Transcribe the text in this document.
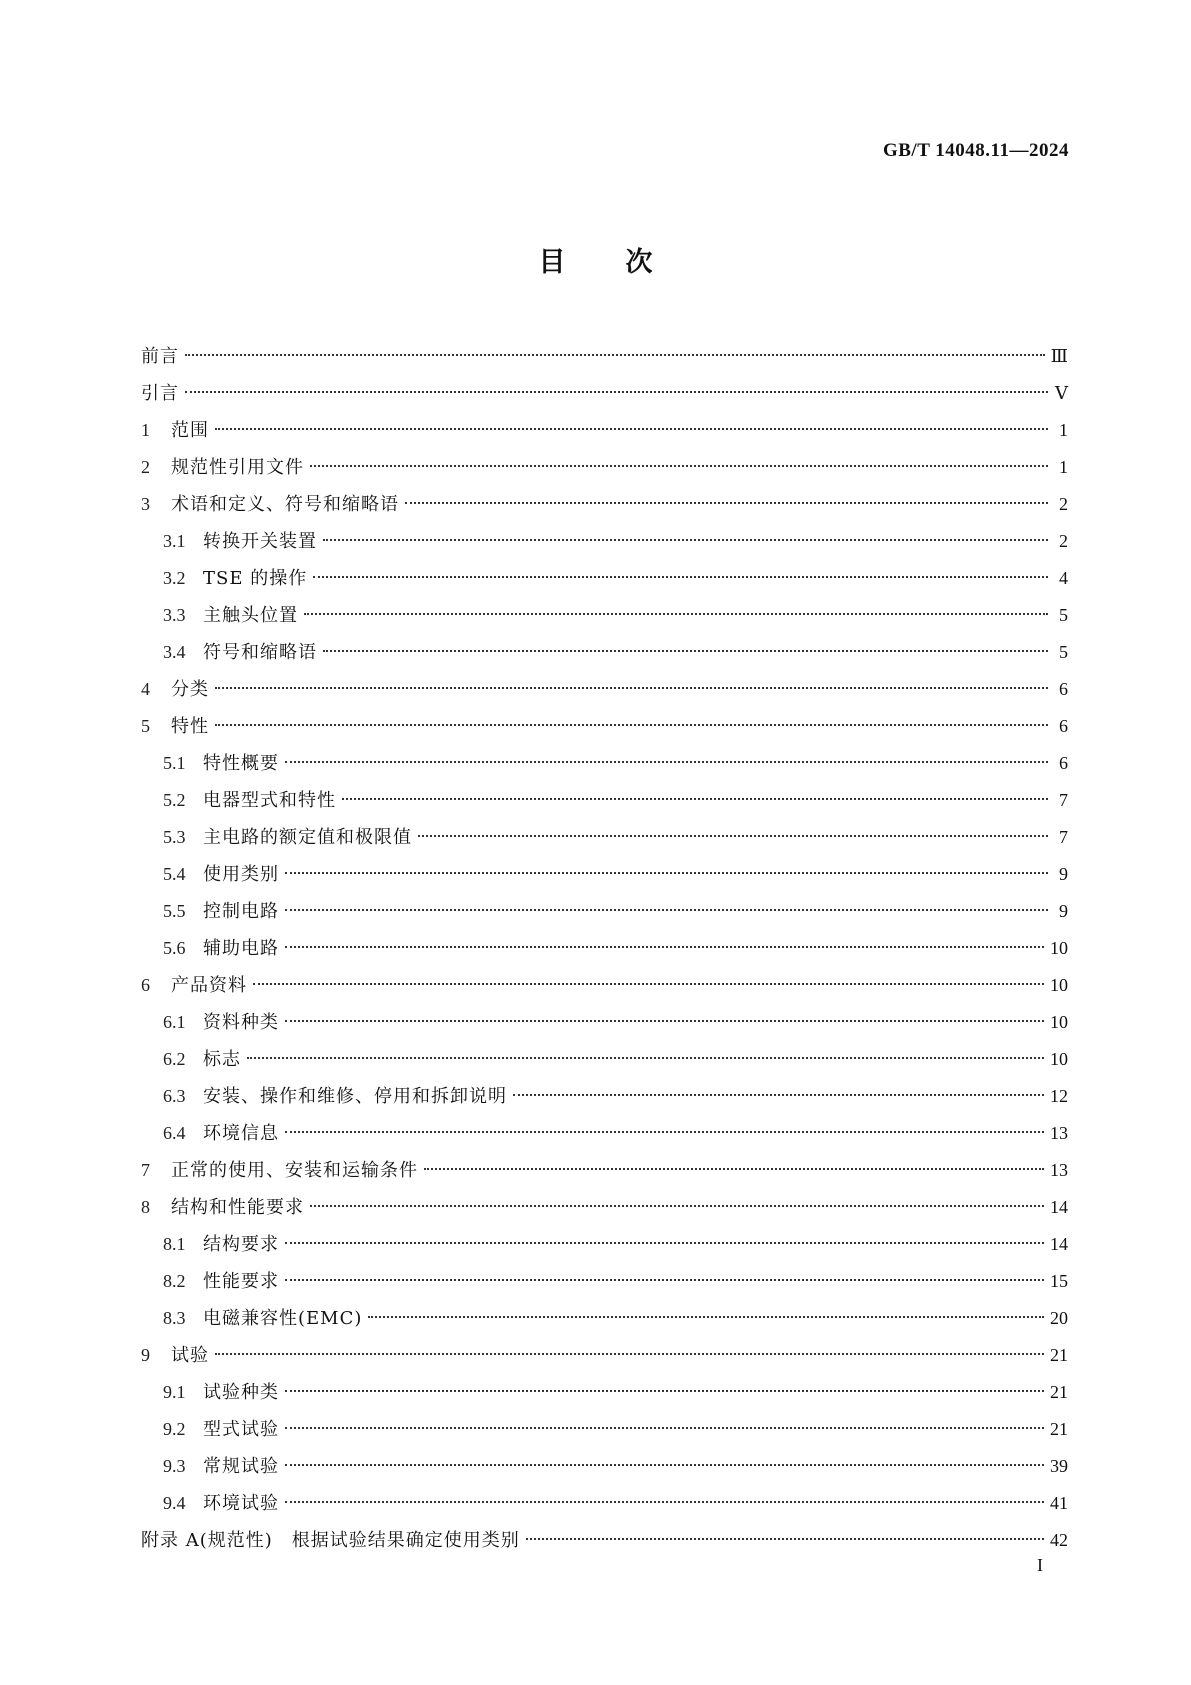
GB/T 14048.11—2024
目次
前言	Ⅲ
引言	Ⅴ
1	范围	1
2	规范性引用文件	1
3	术语和定义、符号和缩略语	2
3.1 转换开关装置	2
3.2 TSE 的操作	4
3.3 主触头位置	5
3.4 符号和缩略语	5
4	分类	6
5	特性	6
5.1 特性概要	6
5.2 电器型式和特性	7
5.3 主电路的额定值和极限值	7
5.4 使用类别	9
5.5 控制电路	9
5.6 辅助电路	10
6	产品资料	10
6.1 资料种类	10
6.2 标志	10
6.3 安装、操作和维修、停用和拆卸说明	12
6.4 环境信息	13
7	正常的使用、安装和运输条件	13
8	结构和性能要求	14
8.1 结构要求	14
8.2 性能要求	15
8.3 电磁兼容性(EMC)	20
9	试验	21
9.1 试验种类	21
9.2 型式试验	21
9.3 常规试验	39
9.4 环境试验	41
附录 A(规范性)　根据试验结果确定使用类别	42
I
